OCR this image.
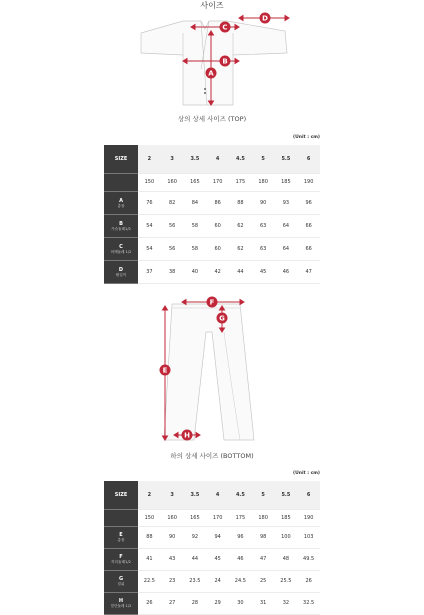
사이즈
C
D
B
A
상의 상세 사이즈 (TOP)
(Unit : cm)
SIZE	2	3	3.5	4	4.5	5	5.5	6
	150	160	165	170	175	180	185	190
A
총장	76	82	84	86	88	90	93	96
B
가슴둘레1/2	54	56	58	60	62	63	64	66
C
어깨둘레 1/2	54	56	58	60	62	63	64	66
D
팔길이	37	38	40	42	44	45	46	47
F
G
E
H
하의 상세 사이즈 (BOTTOM)
(Unit : cm)
SIZE	2	3	3.5	4	4.5	5	5.5	6
	150	160	165	170	175	180	185	190
E
총장	88	90	92	94	96	98	100	103
F
허리둘레1/2	41	43	44	45	46	47	48	49.5
G
밑위	22.5	23	23.5	24	24.5	25	25.5	26
H
밑단둘레 1/2	26	27	28	29	30	31	32	32.5
